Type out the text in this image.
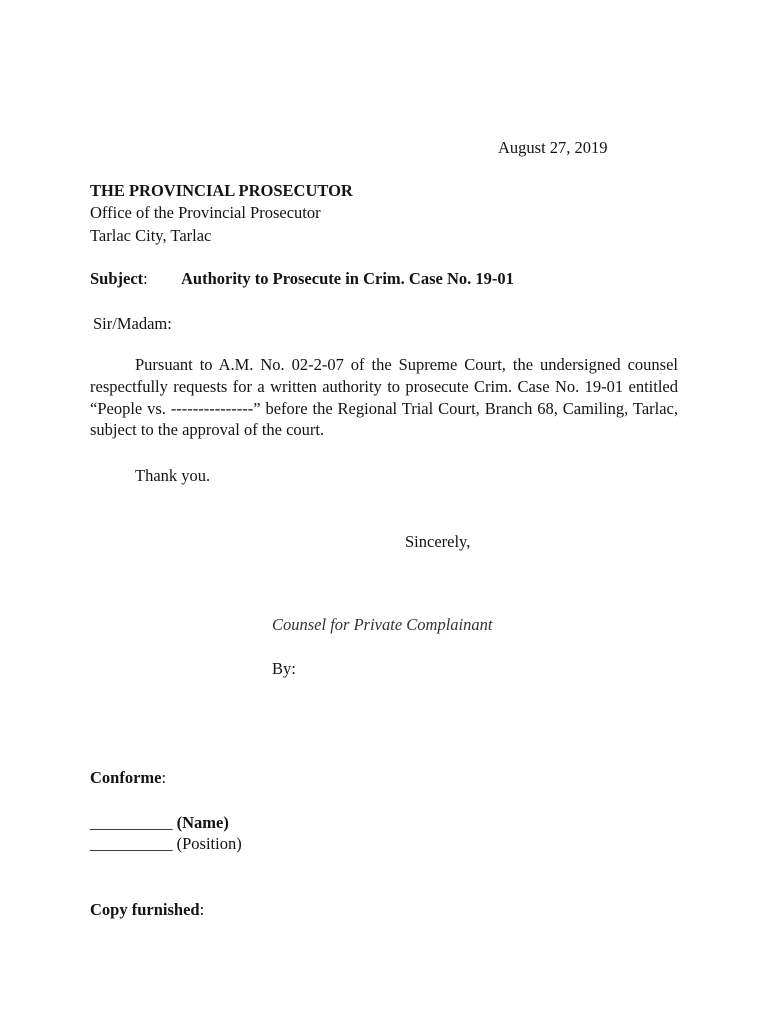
August 27, 2019
THE PROVINCIAL PROSECUTOR
Office of the Provincial Prosecutor
Tarlac City, Tarlac
Subject: Authority to Prosecute in Crim. Case No. 19-01
Sir/Madam:
Pursuant to A.M. No. 02-2-07 of the Supreme Court, the undersigned counsel respectfully requests for a written authority to prosecute Crim. Case No. 19-01 entitled “People vs. ---------------” before the Regional Trial Court, Branch 68, Camiling, Tarlac, subject to the approval of the court.
Thank you.
Sincerely,
Counsel for Private Complainant
By:
Conforme:
__________ (Name)
__________ (Position)
Copy furnished:
